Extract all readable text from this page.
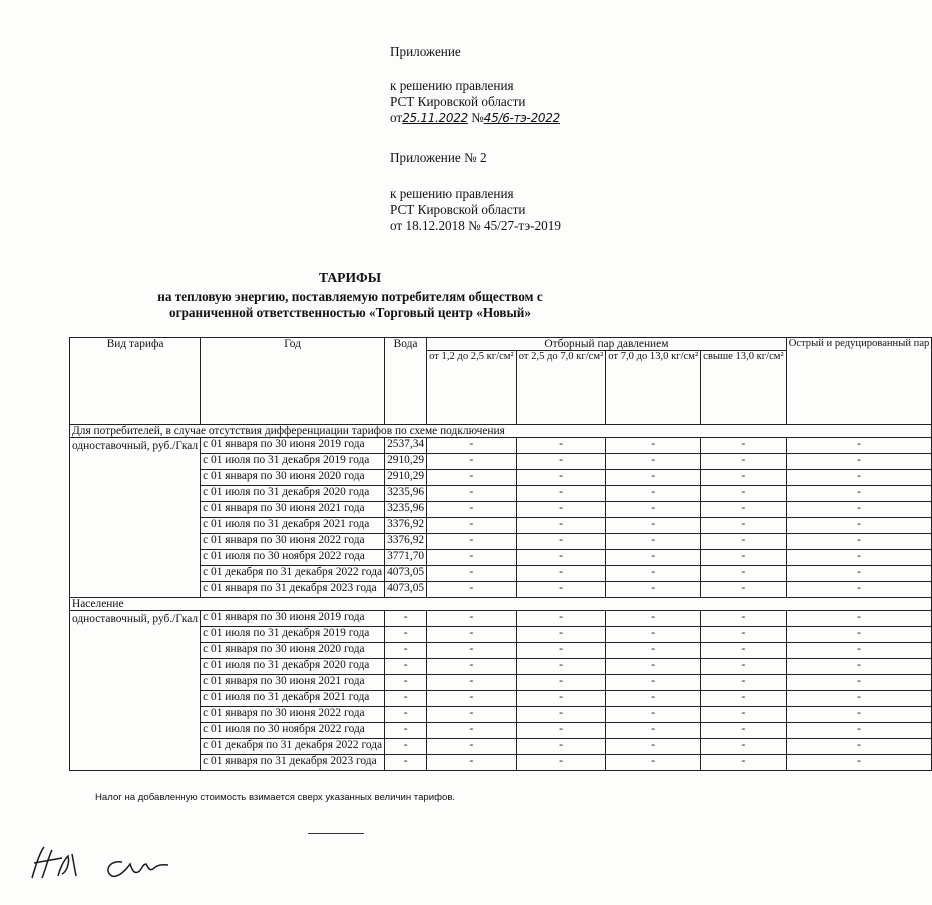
Приложение
к решению правления
РСТ Кировской области
от25.11.2022 №45/6-тэ-2022
Приложение № 2
к решению правления
РСТ Кировской области
от 18.12.2018 № 45/27-тэ-2019
ТАРИФЫ
на тепловую энергию, поставляемую потребителям обществом с
ограниченной ответственностью «Торговый центр «Новый»
Вид тарифа	Год	Вода	Отборный пар давлением				Острый и редуцированный пар
			от 1,2 до 2,5 кг/см²	от 2,5 до 7,0 кг/см²	от 7,0 до 13,0 кг/см²	свыше 13,0 кг/см²	
Для потребителей, в случае отсутствия дифференциации тарифов по схеме подключения							
одноставочный, руб./Гкал	с 01 января по 30 июня 2019 года	2537,34	-	-	-	-	-
	с 01 июля по 31 декабря 2019 года	2910,29	-	-	-	-	-
	с 01 января по 30 июня 2020 года	2910,29	-	-	-	-	-
	с 01 июля по 31 декабря 2020 года	3235,96	-	-	-	-	-
	с 01 января по 30 июня 2021 года	3235,96	-	-	-	-	-
	с 01 июля по 31 декабря 2021 года	3376,92	-	-	-	-	-
	с 01 января по 30 июня 2022 года	3376,92	-	-	-	-	-
	с 01 июля по 30 ноября 2022 года	3771,70	-	-	-	-	-
	с 01 декабря по 31 декабря 2022 года	4073,05	-	-	-	-	-
	с 01 января по 31 декабря 2023 года	4073,05	-	-	-	-	-
Население							
одноставочный, руб./Гкал	с 01 января по 30 июня 2019 года	-	-	-	-	-	-
	с 01 июля по 31 декабря 2019 года	-	-	-	-	-	-
	с 01 января по 30 июня 2020 года	-	-	-	-	-	-
	с 01 июля по 31 декабря 2020 года	-	-	-	-	-	-
	с 01 января по 30 июня 2021 года	-	-	-	-	-	-
	с 01 июля по 31 декабря 2021 года	-	-	-	-	-	-
	с 01 января по 30 июня 2022 года	-	-	-	-	-	-
	с 01 июля по 30 ноября 2022 года	-	-	-	-	-	-
	с 01 декабря по 31 декабря 2022 года	-	-	-	-	-	-
	с 01 января по 31 декабря 2023 года	-	-	-	-	-	-
Налог на добавленную стоимость взимается сверх указанных величин тарифов.
